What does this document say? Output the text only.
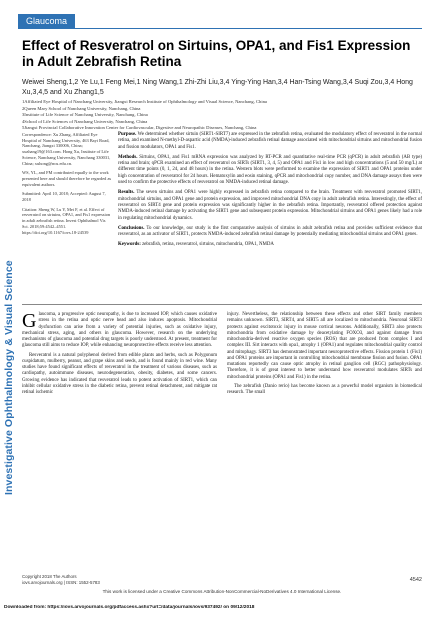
Investigative Ophthalmology & Visual Science
Glaucoma
Effect of Resveratrol on Sirtuins, OPA1, and Fis1 Expression in Adult Zebrafish Retina
Weiwei Sheng,1,2 Ye Lu,1 Feng Mei,1 Ning Wang,1 Zhi-Zhi Liu,3,4 Ying-Ying Han,3,4 Han-Tsing Wang,3,4 Suqi Zou,3,4 Hong Xu,3,4,5 and Xu Zhang1,5
1Affiliated Eye Hospital of Nanchang University, Jiangxi Research Institute of Ophthalmology and Visual Science, Nanchang, China
2Queen Mary School of Nanchang University, Nanchang, China
3Institute of Life Science of Nanchang University, Nanchang, China
4School of Life Sciences of Nanchang University, Nanchang, China
5Jiangxi Provincial Collaborative Innovation Center for Cardiovascular, Digestive and Neuropathic Diseases, Nanchang, China

Correspondence: Xu Zhang, Affiliated Eye Hospital of Nanchang University, 463 Bayi Road, Nanchang, Jiangxi 330006, China; xuzhang19@163.com. Hong Xu, Institute of Life Science, Nanchang University, Nanchang 330031, China; xuhong@ncu.edu.cn.

WS, YL, and FM contributed equally to the work presented here and should therefore be regarded as equivalent authors.

Submitted: April 10, 2018; Accepted: August 7, 2018

Citation: Sheng W, Lu Y, Mei F, et al. Effect of resveratrol on sirtuins, OPA1, and Fis1 expression in adult zebrafish retina. Invest Ophthalmol Vis Sci. 2018;59:4542–4551. https://doi.org/10.1167/iovs.18-24539

Purpose. We determined whether sirtuin (SIRT1-SIRT7) are expressed in the zebrafish retina, evaluated the modulatory effect of resveratrol in the normal retina, and examined N-methyl-D-aspartic acid (NMDA)-induced zebrafish retinal damage associated with mitochondrial sirtuins and mitochondrial fusion and fission modulators, OPA1 and Fis1.

Methods. Sirtuins, OPA1, and Fis1 mRNA expression was analyzed by RT-PCR and quantitative real-time PCR (qPCR) in adult zebrafish (AB type) retina and brain; qPCR examined an effect of resveratrol on SIRTs (SIRT1, 3, 4, 5) and OPA1 and Fis1 in low and high concentrations (5 and 50 mg/L) at different time points (0, 1, 24, and 48 hours) in the retina. Western blots were performed to examine the expression of SIRT1 and OPA1 proteins under high concentration of resveratrol for 24 hours. Hematoxylin and eosin staining, qPCR and mitochondrial copy number, and DNA damage assays then were used to confirm the protective effects of resveratrol on NMDA-induced retinal damage.

Results. The seven sirtuins and OPA1 were highly expressed in zebrafish retina compared to the brain. Treatment with resveratrol promoted SIRT1, mitochondrial sirtuins, and OPA1 gene and protein expression, and improved mitochondrial DNA copy in adult zebrafish retina. Interestingly, the effect of resveratrol on SIRT4 gene and protein expression was significantly higher in the zebrafish retina. Importantly, resveratrol offered protection against NMDA-induced retinal damage by activating the SIRT1 gene and subsequent protein expression. Mitochondrial sirtuins and OPA1 genes likely had a role in regulating mitochondrial dynamics.

Conclusions. To our knowledge, our study is the first comparative analysis of sirtuins in adult zebrafish retina and provides sufficient evidence that resveratrol, as an activator of SIRT1, protects NMDA-induced zebrafish retinal damage by potentially mediating mitochondrial sirtuins and OPA1 genes.

Keywords: zebrafish, retina, resveratrol, sirtuins, mitochondria, OPA1, NMDA

Glaucoma, a progressive optic neuropathy, is due to increased IOP, which causes oxidative stress in the retina and optic nerve head and also induces apoptosis. Mitochondrial dysfunction can arise from a variety of potential injuries, such as oxidative injury, mechanical stress, aging, and others in glaucoma. However, research on the underlying mechanisms of glaucoma and potential drug targets is poorly understood. At present, treatment for glaucoma still aims to reduce IOP, while enhancing neuroprotective effects receive less attention.

Resveratrol is a natural polyphenol derived from edible plants and herbs, such as Polygonum cuspidatum, mulberry, peanut, and grape skins and seeds, and is found mainly in red wine. Many studies have found significant effects of resveratrol in the treatment of various diseases, such as cardiopathy, autoimmune diseases, neurodegeneration, obesity, diabetes, and some cancers. Growing evidence has indicated that resveratrol leads to potent activation of SIRT1, which can inhibit cellular oxidative stress in the diabetic retina, prevent retinal detachment, and mitigate rat retinal ischemic

injury. Nevertheless, the relationship between these effects and other SIRT family members remains unknown. SIRT3, SIRT4, and SIRT5 all are localized to mitochondria. Neuronal SIRT3 protects against excitotoxic injury in mouse cortical neurons. Additionally, SIRT3 also protects mitochondria from oxidative damage by deacetylating FOXO3, and against damage from mitochondria-derived reactive oxygen species (ROS) that are produced from complex I and complex III. Sirt interacts with opa1, atrophy 1 (OPA1) and regulates mitochondrial quality control and mitophagy. SIRT3 has demonstrated important neuroprotective effects. Fission protein 1 (Fis1) and OPA1 proteins are important in controlling mitochondrial membrane fission and fusion. OPA1 mutations reportedly can cause optic atrophy in retinal ganglion cell (RGC) pathophysiology. Therefore, it is of great interest to better understand how resveratrol modulates SIRTs and mitochondrial proteins (OPA1 and Fis1) in the retina.

The zebrafish (Danio rerio) has become known as a powerful model organism in biomedical research. The small

Copyright 2018 The Authors
iovs.arvojournals.org | ISSN: 1552-5783	4542
This work is licensed under a Creative Commons Attribution-NonCommercial-NoDerivatives 4.0 International License.
Downloaded from: https://iovs.arvojournals.org/pdfaccess.ashx?url=/data/journals/iovs/937492/ on 09/12/2018
